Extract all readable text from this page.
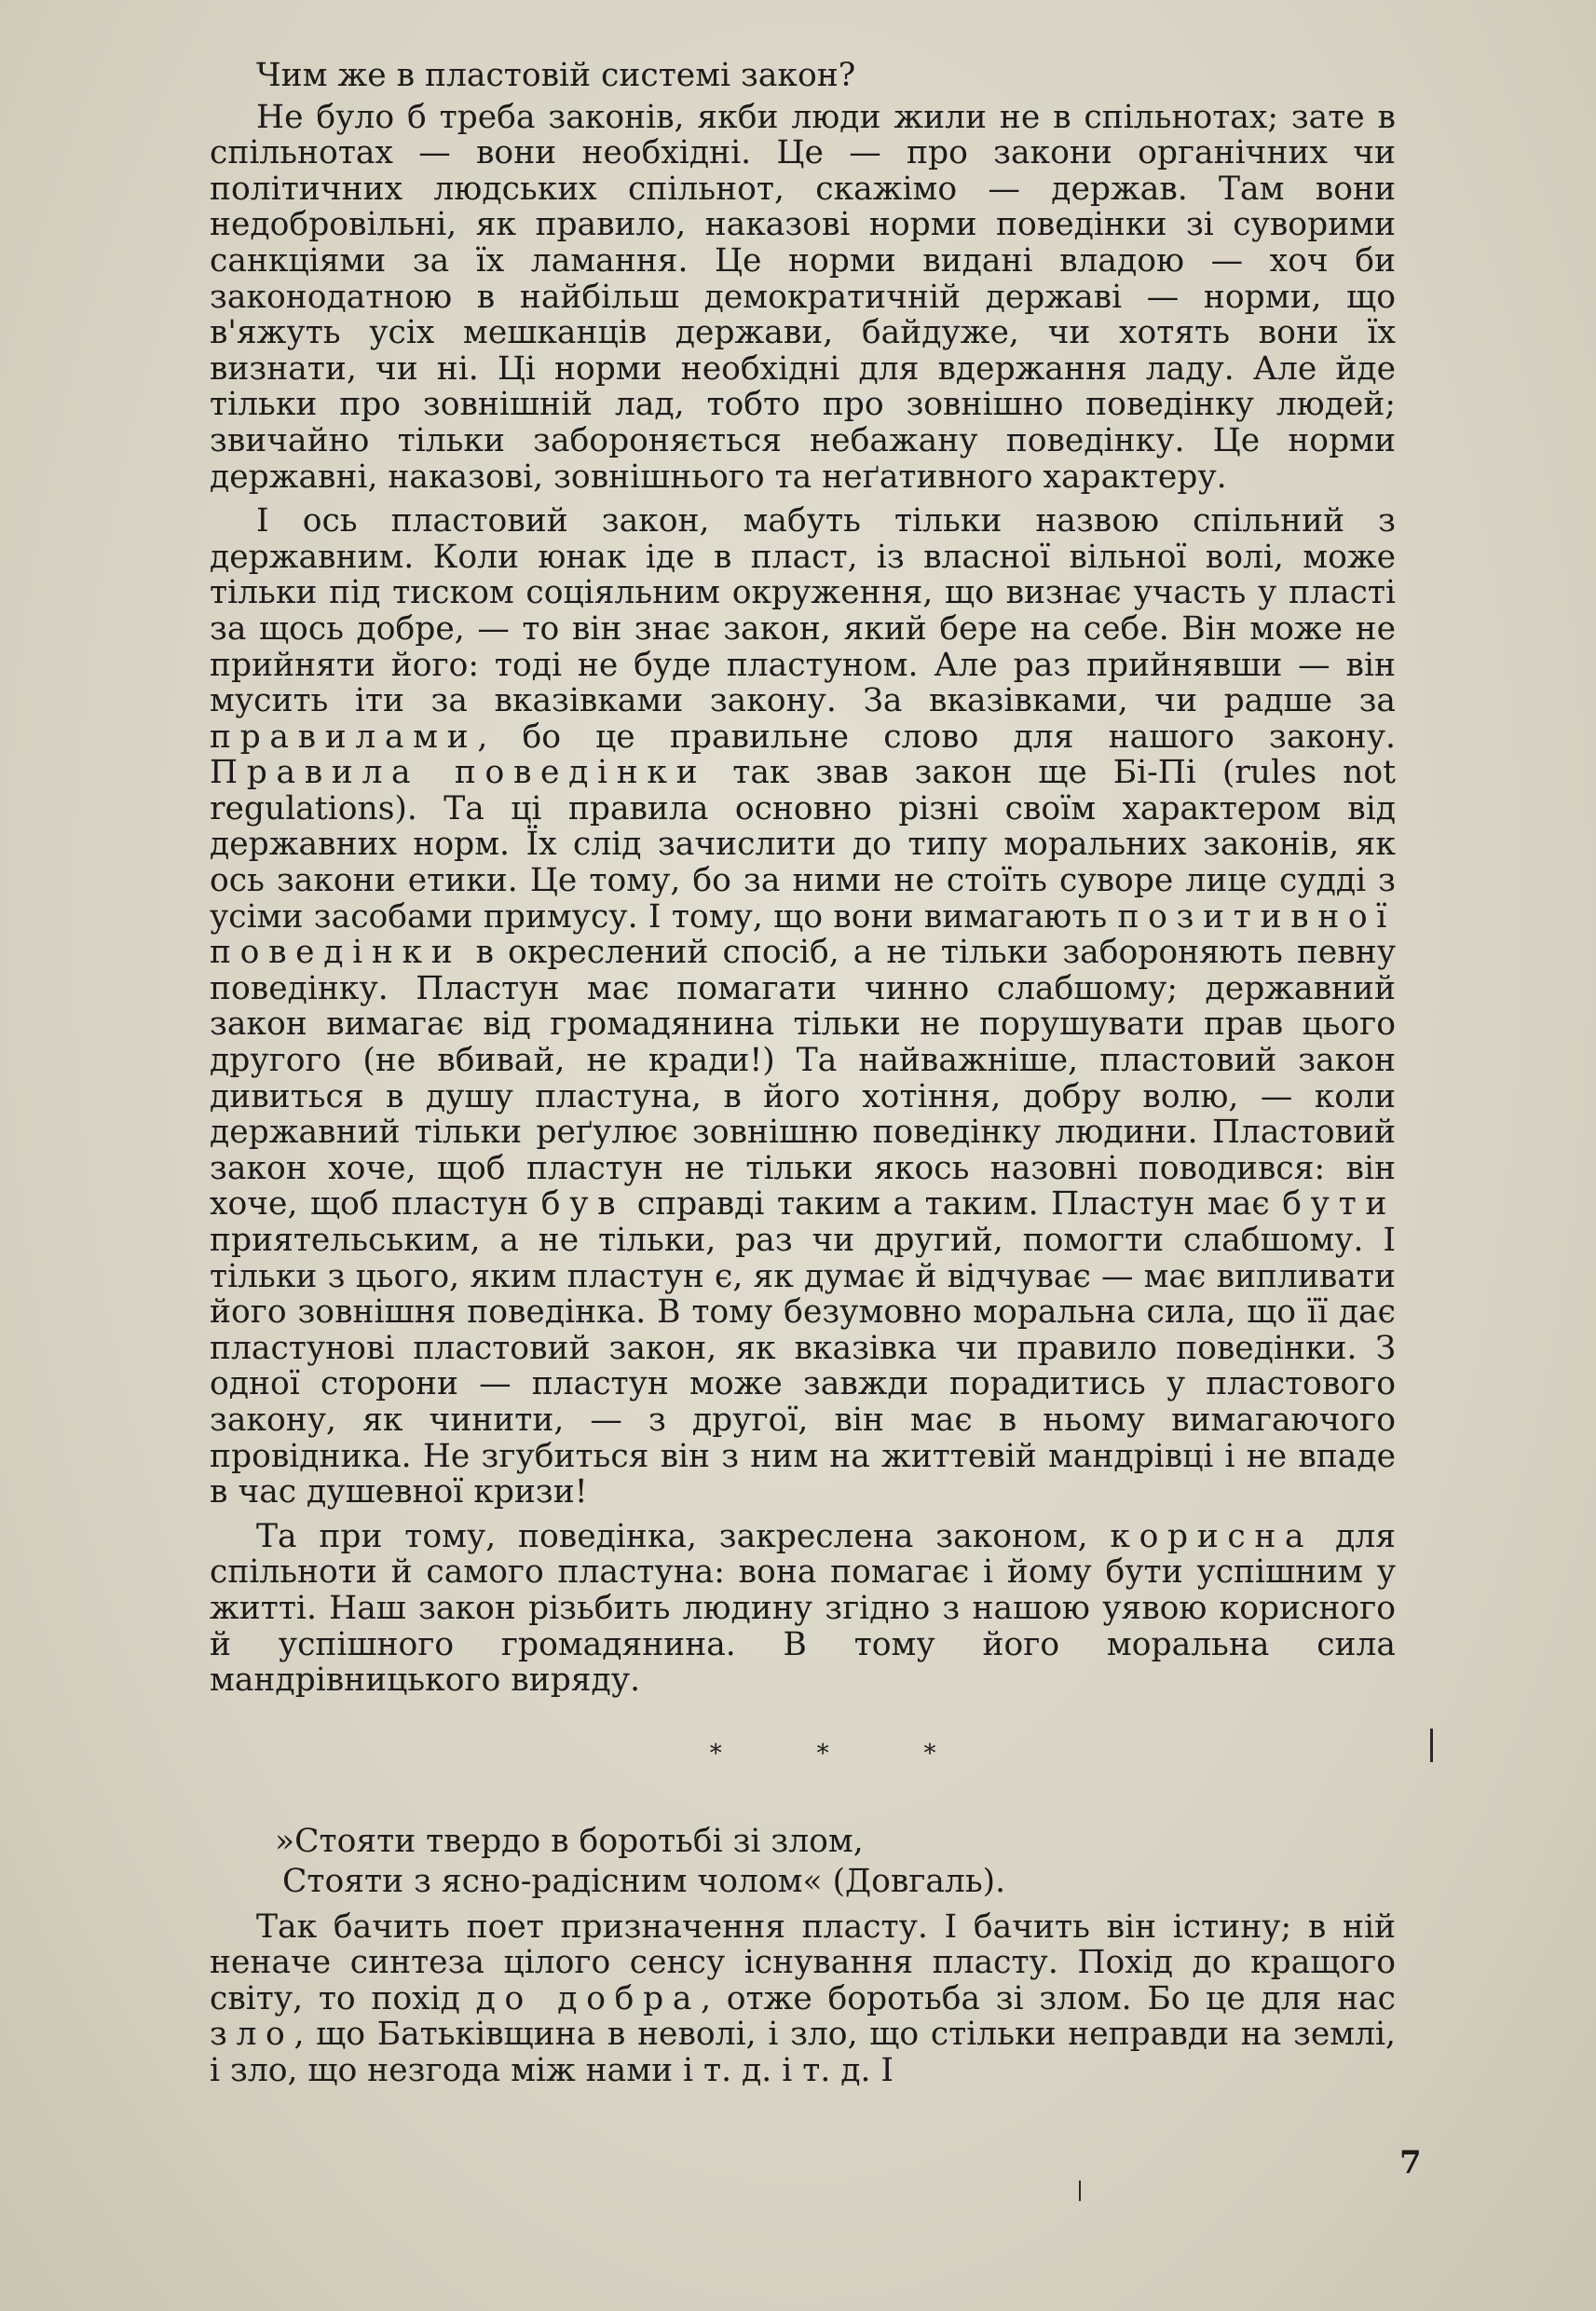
Чим же в пластовій системі закон?

Не було б треба законів, якби люди жили не в спільнотах; зате в спільнотах — вони необхідні. Це — про закони органічних чи політичних людських спільнот, скажімо — держав. Там вони недобровільні, як правило, наказові норми поведінки зі суворими санкціями за їх ламання. Це норми видані владою — хоч би законодатною в найбільш демократичній державі — норми, що в'яжуть усіх мешканців держави, байдуже, чи хотять вони їх визнати, чи ні. Ці норми необхідні для вдержання ладу. Але йде тільки про зовнішній лад, тобто про зовнішно поведінку людей; звичайно тільки забороняється небажану поведінку. Це норми державні, наказові, зовнішнього та неґативного характеру.

І ось пластовий закон, мабуть тільки назвою спільний з державним. Коли юнак іде в пласт, із власної вільної волі, може тільки під тиском соціяльним окруження, що визнає участь у пласті за щось добре, — то він знає закон, який бере на себе. Він може не прийняти його: тоді не буде пластуном. Але раз прийнявши — він мусить іти за вказівками закону. За вказівками, чи радше за правилами, бо це правильне слово для нашого закону. Правила поведінки так звав закон ще Бі-Пі (rules not regulations). Та ці правила основно різні своїм характером від державних норм. Їх слід зачислити до типу моральних законів, як ось закони етики. Це тому, бо за ними не стоїть суворе лице судді з усіми засобами примусу. І тому, що вони вимагають позитивної поведінки в окреслений спосіб, а не тільки забороняють певну поведінку. Пластун має помагати чинно слабшому; державний закон вимагає від громадянина тільки не порушувати прав цього другого (не вбивай, не кради!) Та найважніше, пластовий закон дивиться в душу пластуна, в його хотіння, добру волю, — коли державний тільки реґулює зовнішню поведінку людини. Пластовий закон хоче, щоб пластун не тільки якось назовні поводився: він хоче, щоб пластун був справді таким а таким. Пластун має бути приятельським, а не тільки, раз чи другий, помогти слабшому. І тільки з цього, яким пластун є, як думає й відчуває — має випливати його зовнішня поведінка. В тому безумовно моральна сила, що її дає пластунові пластовий закон, як вказівка чи правило поведінки. З одної сторони — пластун може завжди порадитись у пластового закону, як чинити, — з другої, він має в ньому вимагаючого провідника. Не згубиться він з ним на життевій мандрівці і не впаде в час душевної кризи!

Та при тому, поведінка, закреслена законом, корисна для спільноти й самого пластуна: вона помагає і йому бути успішним у житті. Наш закон різьбить людину згідно з нашою уявою корисного й успішного громадянина. В тому його моральна сила мандрівницького виряду.

* * *
»Стояти твердо в боротьбі зі злом,
Стояти з ясно-радісним чолом« (Довгаль).

Так бачить поет призначення пласту. І бачить він істину; в ній неначе синтеза цілого сенсу існування пласту. Похід до кращого світу, то похід до добра, отже боротьба зі злом. Бо це для нас зло, що Батьківщина в неволі, і зло, що стільки неправди на землі, і зло, що незгода між нами і т. д. і т. д. І

7
